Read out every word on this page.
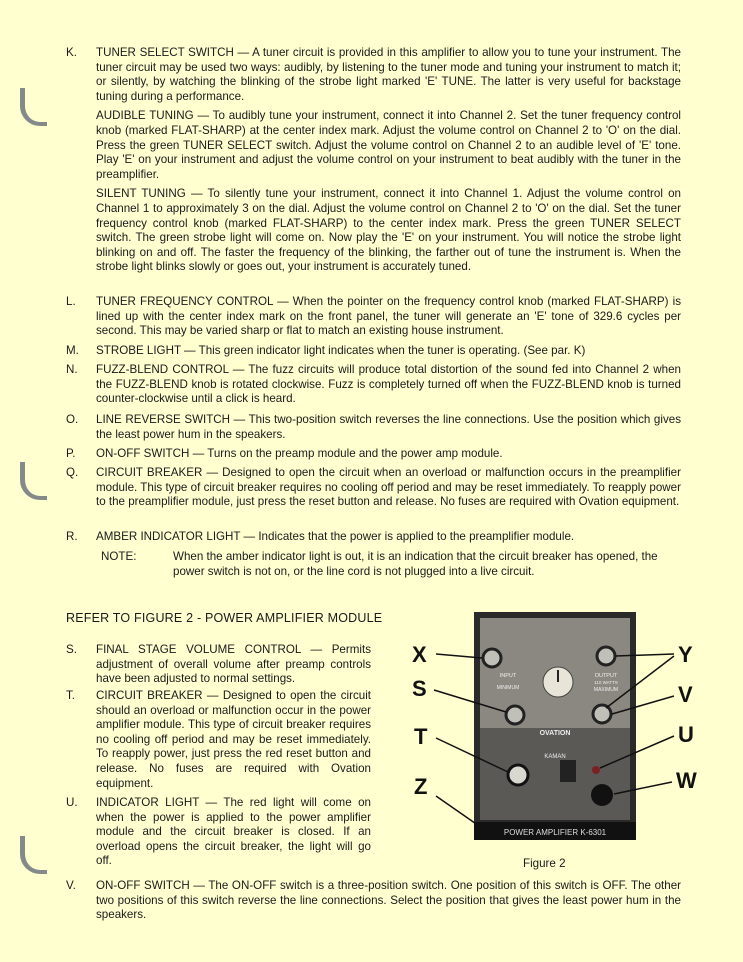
K.	TUNER SELECT SWITCH — A tuner circuit is provided in this amplifier to allow you to tune your instrument. The tuner circuit may be used two ways: audibly, by listening to the tuner mode and tuning your instrument to match it; or silently, by watching the blinking of the strobe light marked 'E' TUNE. The latter is very useful for backstage tuning during a performance.

AUDIBLE TUNING — To audibly tune your instrument, connect it into Channel 2. Set the tuner frequency control knob (marked FLAT-SHARP) at the center index mark. Adjust the volume control on Channel 2 to 'O' on the dial. Press the green TUNER SELECT switch. Adjust the volume control on Channel 2 to an audible level of 'E' tone. Play 'E' on your instrument and adjust the volume control on your instrument to beat audibly with the tuner in the preamplifier.

SILENT TUNING — To silently tune your instrument, connect it into Channel 1. Adjust the volume control on Channel 1 to approximately 3 on the dial. Adjust the volume control on Channel 2 to 'O' on the dial. Set the tuner frequency control knob (marked FLAT-SHARP) to the center index mark. Press the green TUNER SELECT switch. The green strobe light will come on. Now play the 'E' on your instrument. You will notice the strobe light blinking on and off. The faster the frequency of the blinking, the farther out of tune the instrument is. When the strobe light blinks slowly or goes out, your instrument is accurately tuned.

L.	TUNER FREQUENCY CONTROL — When the pointer on the frequency control knob (marked FLAT-SHARP) is lined up with the center index mark on the front panel, the tuner will generate an 'E' tone of 329.6 cycles per second. This may be varied sharp or flat to match an existing house instrument.

M.	STROBE LIGHT — This green indicator light indicates when the tuner is operating. (See par. K)

N.	FUZZ-BLEND CONTROL — The fuzz circuits will produce total distortion of the sound fed into Channel 2 when the FUZZ-BLEND knob is rotated clockwise. Fuzz is completely turned off when the FUZZ-BLEND knob is turned counter-clockwise until a click is heard.

O.	LINE REVERSE SWITCH — This two-position switch reverses the line connections. Use the position which gives the least power hum in the speakers.

P.	ON-OFF SWITCH — Turns on the preamp module and the power amp module.

Q.	CIRCUIT BREAKER — Designed to open the circuit when an overload or malfunction occurs in the preamplifier module. This type of circuit breaker requires no cooling off period and may be reset immediately. To reapply power to the preamplifier module, just press the reset button and release. No fuses are required with Ovation equipment.

R.	AMBER INDICATOR LIGHT — Indicates that the power is applied to the preamplifier module.

NOTE:	When the amber indicator light is out, it is an indication that the circuit breaker has opened, the power switch is not on, or the line cord is not plugged into a live circuit.
REFER TO FIGURE 2 - POWER AMPLIFIER MODULE
S.	FINAL STAGE VOLUME CONTROL — Permits adjustment of overall volume after preamp controls have been adjusted to normal settings.

T.	CIRCUIT BREAKER — Designed to open the circuit should an overload or malfunction occur in the power amplifier module. This type of circuit breaker requires no cooling off period and may be reset immediately. To reapply power, just press the red reset button and release. No fuses are required with Ovation equipment.

U.	INDICATOR LIGHT — The red light will come on when the power is applied to the power amplifier module and the circuit breaker is closed. If an overload opens the circuit breaker, the light will go off.

V.	ON-OFF SWITCH — The ON-OFF switch is a three-position switch. One position of this switch is OFF. The other two positions of this switch reverse the line connections. Select the position that gives the least power hum in the speakers.

POWER AMPLIFIER K-6301
INPUT
MINIMUM
OUTPUT
110 WATTS
MAXIMUM
OVATION
KAMAN
X
S
T
Z
Y
V
U
W
Figure 2
